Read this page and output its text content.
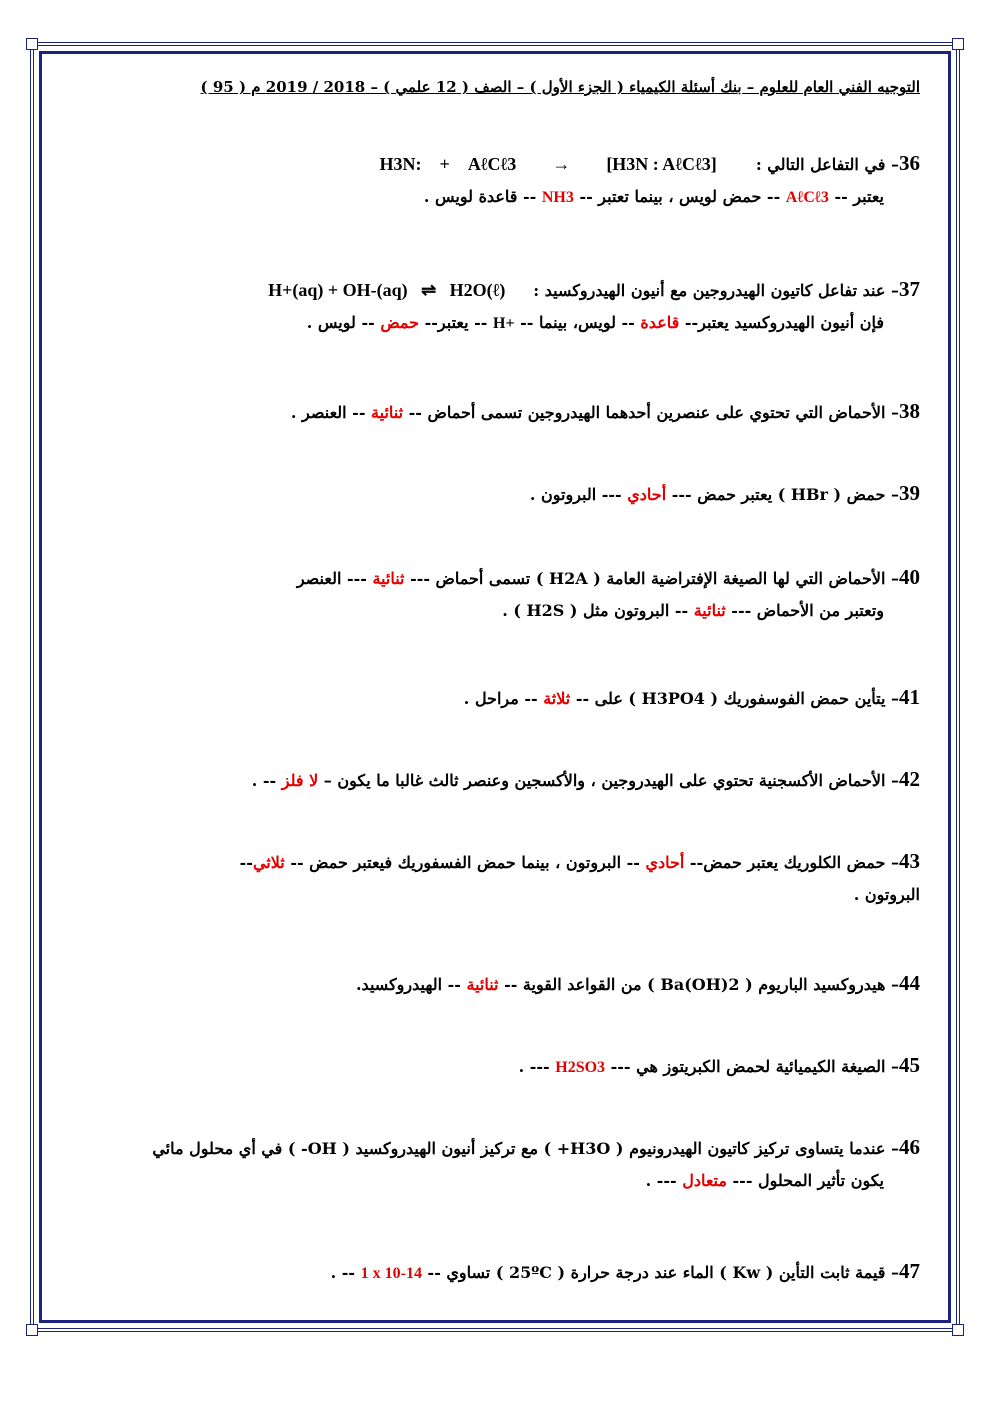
التوجيه الفني العام للعلوم – بنك أسئلة الكيمياء ( الجزء الأول ) – الصف ( 12 علمي ) – 2018 / 2019 م ( 95 )
36– في التفاعل التالي :       H3N: + AℓCℓ3 → [H3N : AℓCℓ3]
يعتبر -- AℓCℓ3 -- حمض لويس ، بينما تعتبر -- NH3 -- قاعدة لويس .
37– عند تفاعل كاتيون الهيدروجين مع أنيون الهيدروكسيد :     H+(aq) + OH-(aq) ⇌ H2O(ℓ)
فإن أنيون الهيدروكسيد يعتبر-- قاعدة -- لويس، بينما -- H+ -- يعتبر-- حمض -- لويس .
38– الأحماض التي تحتوي على عنصرين أحدهما الهيدروجين تسمى أحماض -- ثنائية -- العنصر .
39– حمض ( HBr ) يعتبر حمض --- أحادي --- البروتون .
40– الأحماض التي لها الصيغة الإفتراضية العامة ( H2A ) تسمى أحماض --- ثنائية --- العنصر
وتعتبر من الأحماض --- ثنائية -- البروتون مثل ( H2S ) .
41– يتأين حمض الفوسفوريك ( H3PO4 ) على -- ثلاثة -- مراحل .
42– الأحماض الأكسجنية تحتوي على الهيدروجين ، والأكسجين وعنصر ثالث غالبا ما يكون – لا فلز -- .
43– حمض الكلوريك يعتبر حمض-- أحادي -- البروتون ، بينما حمض الفسفوريك فيعتبر حمض -- ثلاثي--
البروتون .
44– هيدروكسيد الباريوم ( Ba(OH)2 ) من القواعد القوية -- ثنائية -- الهيدروكسيد.
45– الصيغة الكيميائية لحمض الكبريتوز هي --- H2SO3 --- .
46– عندما يتساوى تركيز كاتيون الهيدرونيوم ( H3O+ ) مع تركيز أنيون الهيدروكسيد ( OH- ) في أي محلول مائي
يكون تأثير المحلول --- متعادل --- .
47– قيمة ثابت التأين ( Kw ) الماء عند درجة حرارة ( 25ºC ) تساوي -- 1 x 10-14 -- .
